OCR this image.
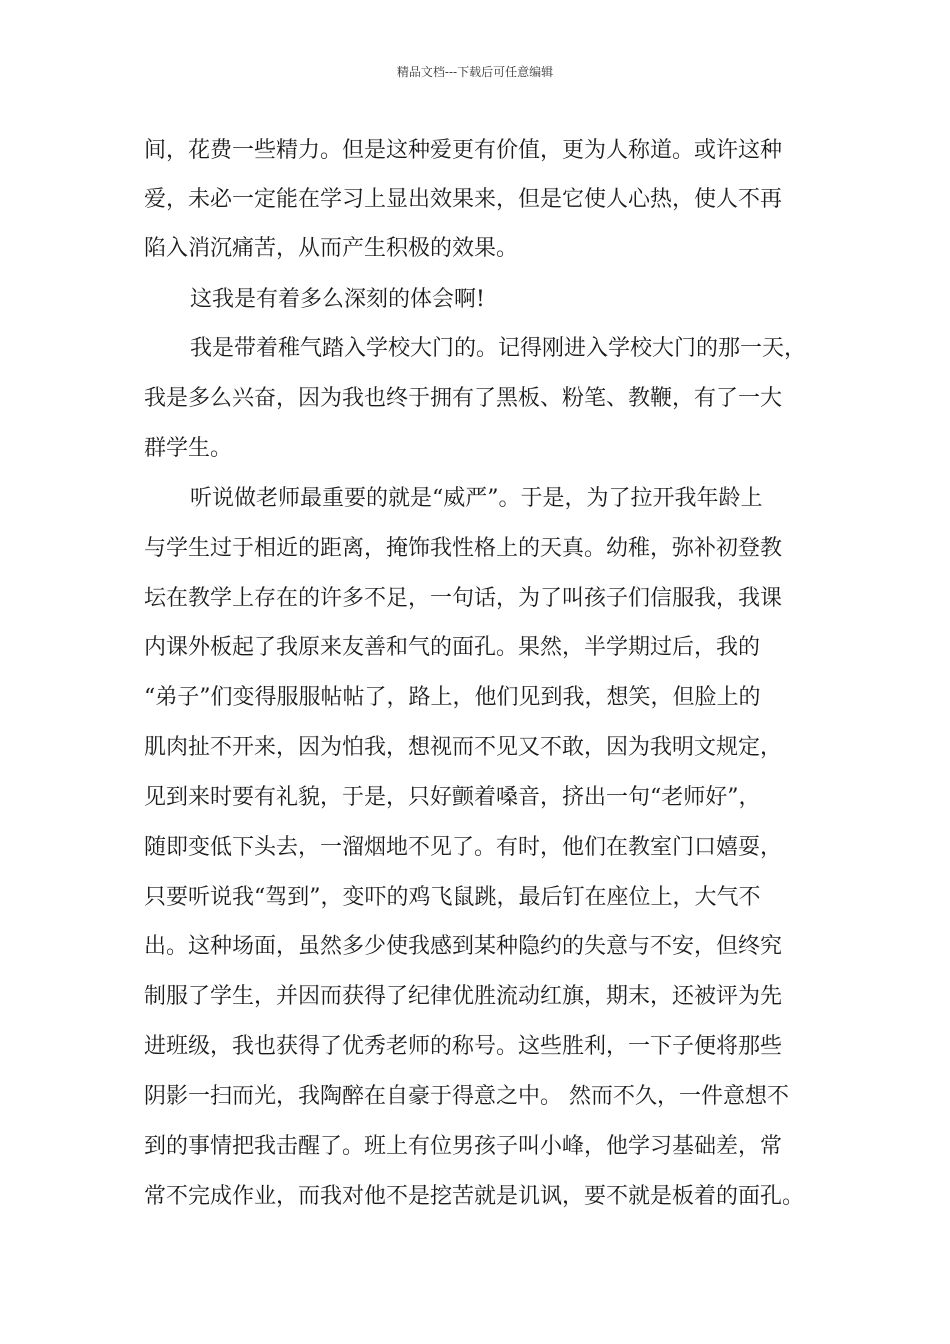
精品文档---下载后可任意编辑
间，花费一些精力。但是这种爱更有价值，更为人称道。或许这种
爱，未必一定能在学习上显出效果来，但是它使人心热，使人不再
陷入消沉痛苦，从而产生积极的效果。
这我是有着多么深刻的体会啊!
我是带着稚气踏入学校大门的。记得刚进入学校大门的那一天，
我是多么兴奋，因为我也终于拥有了黑板、粉笔、教鞭，有了一大
群学生。
听说做老师最重要的就是“威严”。于是，为了拉开我年龄上
与学生过于相近的距离，掩饰我性格上的天真。幼稚，弥补初登教
坛在教学上存在的许多不足，一句话，为了叫孩子们信服我，我课
内课外板起了我原来友善和气的面孔。果然，半学期过后，我的
“弟子”们变得服服帖帖了，路上，他们见到我，想笑，但脸上的
肌肉扯不开来，因为怕我，想视而不见又不敢，因为我明文规定，
见到来时要有礼貌，于是，只好颤着嗓音，挤出一句“老师好”，
随即变低下头去，一溜烟地不见了。有时，他们在教室门口嬉耍，
只要听说我“驾到”，变吓的鸡飞鼠跳，最后钉在座位上，大气不
出。这种场面，虽然多少使我感到某种隐约的失意与不安，但终究
制服了学生，并因而获得了纪律优胜流动红旗，期末，还被评为先
进班级，我也获得了优秀老师的称号。这些胜利，一下子便将那些
阴影一扫而光，我陶醉在自豪于得意之中。 然而不久，一件意想不
到的事情把我击醒了。班上有位男孩子叫小峰，他学习基础差，常
常不完成作业，而我对他不是挖苦就是讥讽，要不就是板着的面孔。
